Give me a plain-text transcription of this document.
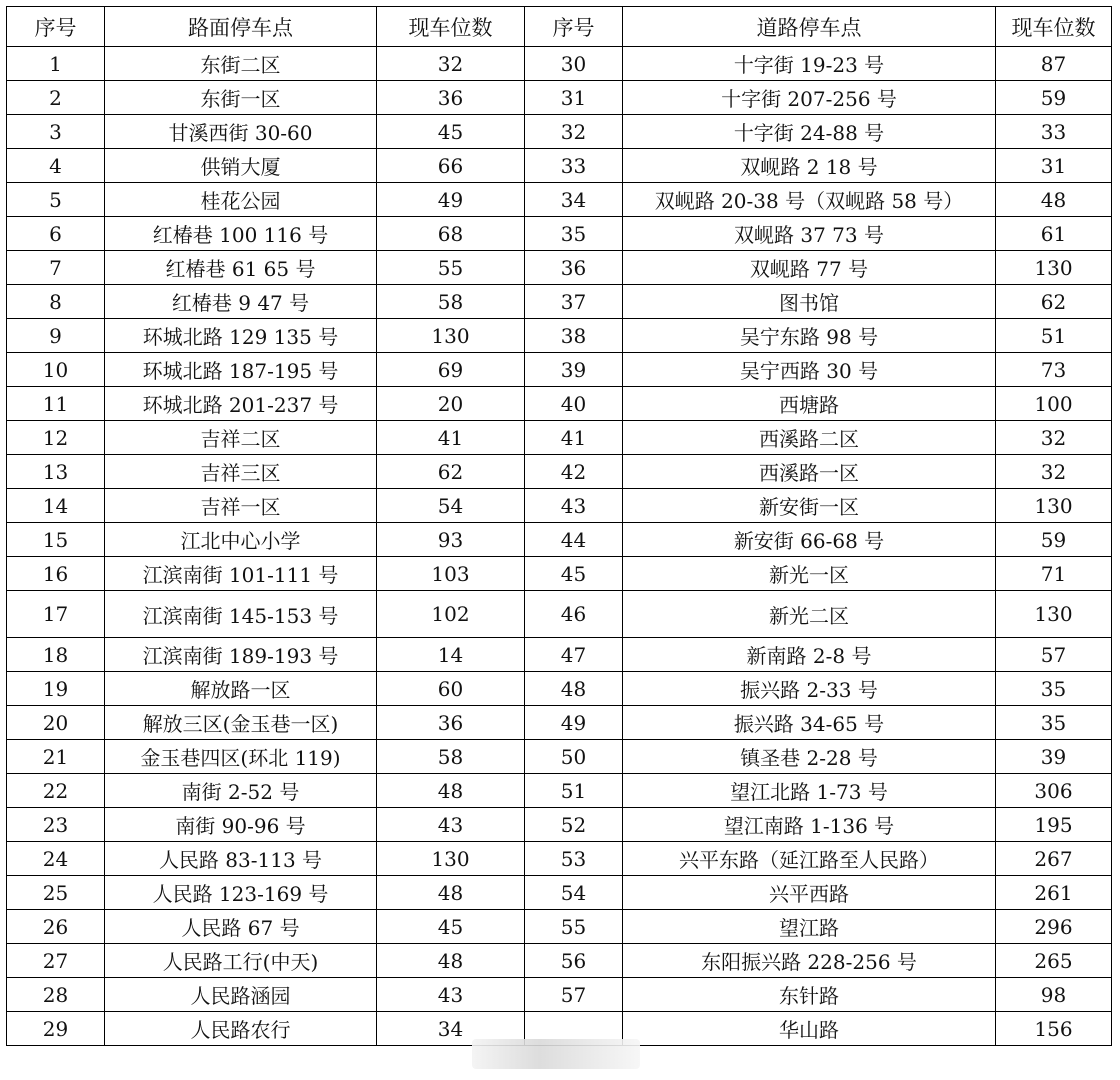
序号	路面停车点	现车位数	序号	道路停车点	现车位数
1	东街二区	32	30	十字街 19-23 号	87
2	东街一区	36	31	十字街 207-256 号	59
3	甘溪西街 30-60	45	32	十字街 24-88 号	33
4	供销大厦	66	33	双岘路 2 18 号	31
5	桂花公园	49	34	双岘路 20-38 号（双岘路 58 号）	48
6	红椿巷 100 116 号	68	35	双岘路 37 73 号	61
7	红椿巷 61 65 号	55	36	双岘路 77 号	130
8	红椿巷 9 47 号	58	37	图书馆	62
9	环城北路 129 135 号	130	38	吴宁东路 98 号	51
10	环城北路 187-195 号	69	39	吴宁西路 30 号	73
11	环城北路 201-237 号	20	40	西塘路	100
12	吉祥二区	41	41	西溪路二区	32
13	吉祥三区	62	42	西溪路一区	32
14	吉祥一区	54	43	新安街一区	130
15	江北中心小学	93	44	新安街 66-68 号	59
16	江滨南街 101-111 号	103	45	新光一区	71
17	江滨南街 145-153 号	102	46	新光二区	130
18	江滨南街 189-193 号	14	47	新南路 2-8 号	57
19	解放路一区	60	48	振兴路 2-33 号	35
20	解放三区(金玉巷一区)	36	49	振兴路 34-65 号	35
21	金玉巷四区(环北 119)	58	50	镇圣巷 2-28 号	39
22	南街 2-52 号	48	51	望江北路 1-73 号	306
23	南街 90-96 号	43	52	望江南路 1-136 号	195
24	人民路 83-113 号	130	53	兴平东路（延江路至人民路）	267
25	人民路 123-169 号	48	54	兴平西路	261
26	人民路 67 号	45	55	望江路	296
27	人民路工行(中天)	48	56	东阳振兴路 228-256 号	265
28	人民路涵园	43	57	东针路	98
29	人民路农行	34		华山路	156
